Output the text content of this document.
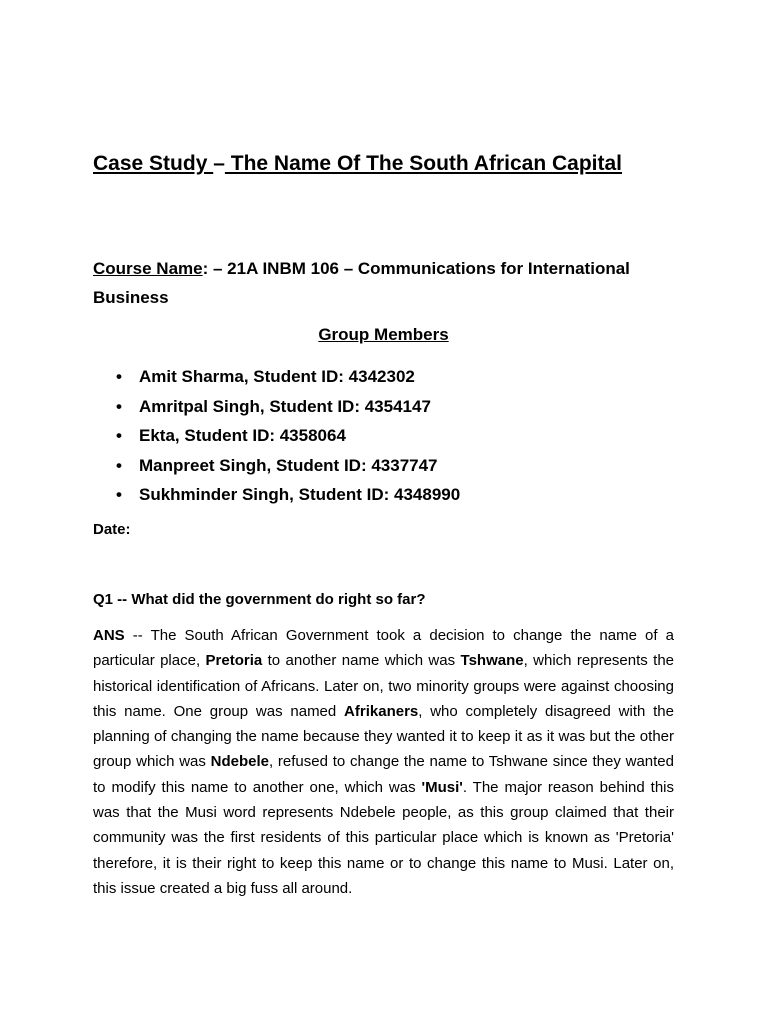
Case Study – The Name Of The South African Capital

Course Name: – 21A INBM 106 – Communications for International Business

Group Members

• Amit Sharma, Student ID: 4342302
• Amritpal Singh, Student ID: 4354147
• Ekta, Student ID: 4358064
• Manpreet Singh, Student ID: 4337747
• Sukhminder Singh, Student ID: 4348990

Date:

Q1 -- What did the government do right so far?

ANS -- The South African Government took a decision to change the name of a particular place, Pretoria to another name which was Tshwane, which represents the historical identification of Africans. Later on, two minority groups were against choosing this name. One group was named Afrikaners, who completely disagreed with the planning of changing the name because they wanted it to keep it as it was but the other group which was Ndebele, refused to change the name to Tshwane since they wanted to modify this name to another one, which was 'Musi'. The major reason behind this was that the Musi word represents Ndebele people, as this group claimed that their community was the first residents of this particular place which is known as 'Pretoria' therefore, it is their right to keep this name or to change this name to Musi. Later on, this issue created a big fuss all around.
